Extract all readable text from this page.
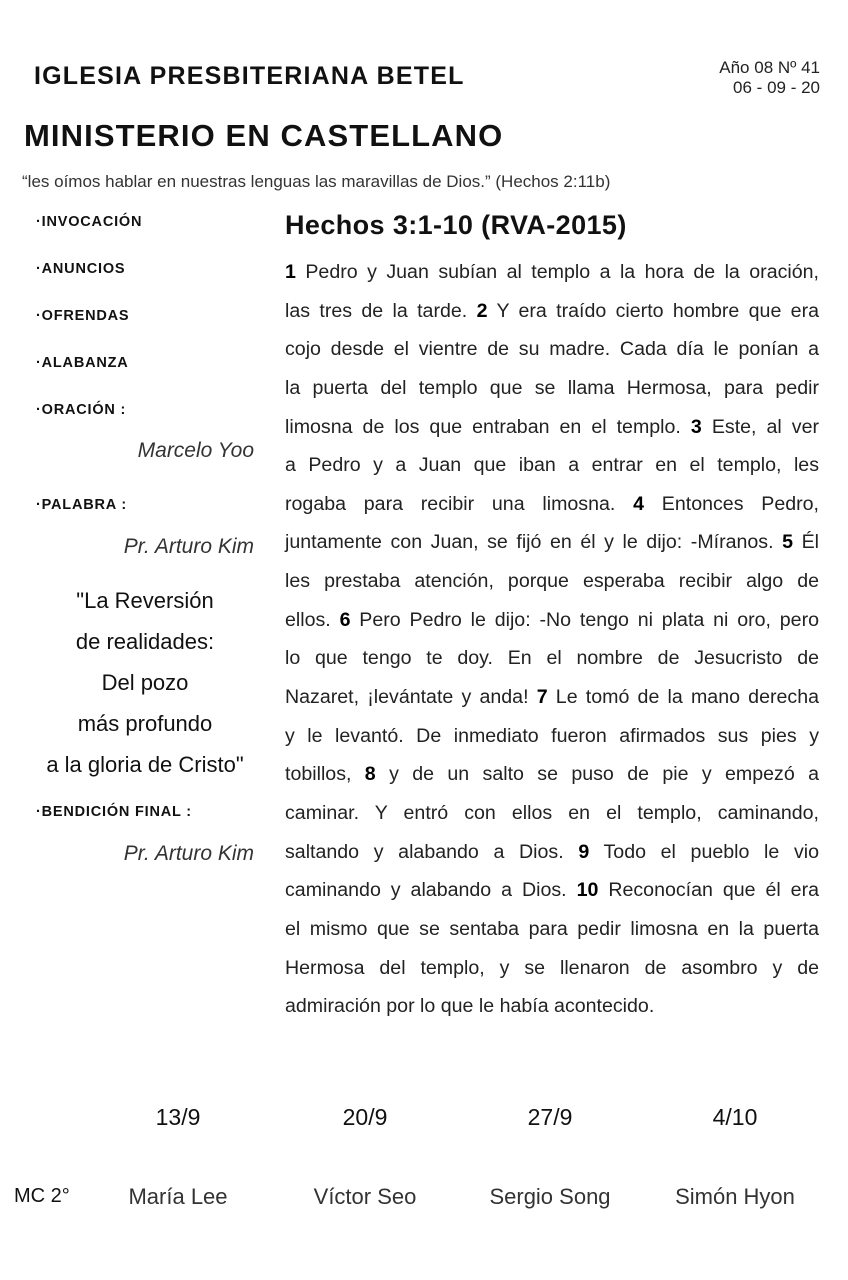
IGLESIA PRESBITERIANA BETEL	Año 08 Nº 41
06 - 09 - 20
MINISTERIO EN CASTELLANO
“les oímos hablar en nuestras lenguas las maravillas de Dios.” (Hechos 2:11b)
·INVOCACIÓN
·ANUNCIOS
·OFRENDAS
·ALABANZA
·ORACIÓN :
Marcelo Yoo
·PALABRA :
Pr. Arturo Kim
"La Reversión
de realidades:
Del pozo
más profundo
a la gloria de Cristo"
·BENDICIÓN FINAL :
Pr. Arturo Kim
Hechos 3:1-10 (RVA-2015)
1 Pedro y Juan subían al templo a la hora de la oración,
las tres de la tarde. 2 Y era traído cierto hombre que era
cojo desde el vientre de su madre. Cada día le ponían a
la puerta del templo que se llama Hermosa, para pedir
limosna de los que entraban en el templo. 3 Este, al ver
a Pedro y a Juan que iban a entrar en el templo, les
rogaba para recibir una limosna. 4 Entonces Pedro,
juntamente con Juan, se fijó en él y le dijo: -Míranos. 5 Él
les prestaba atención, porque esperaba recibir algo de
ellos. 6 Pero Pedro le dijo: -No tengo ni plata ni oro, pero
lo que tengo te doy. En el nombre de Jesucristo de
Nazaret, ¡levántate y anda! 7 Le tomó de la mano derecha
y le levantó. De inmediato fueron afirmados sus pies y
tobillos, 8 y de un salto se puso de pie y empezó a
caminar. Y entró con ellos en el templo, caminando,
saltando y alabando a Dios. 9 Todo el pueblo le vio
caminando y alabando a Dios. 10 Reconocían que él era
el mismo que se sentaba para pedir limosna en la puerta
Hermosa del templo, y se llenaron de asombro y de
admiración por lo que le había acontecido.
13/9	20/9	27/9	4/10
MC 2°	María Lee	Víctor Seo	Sergio Song	Simón Hyon
